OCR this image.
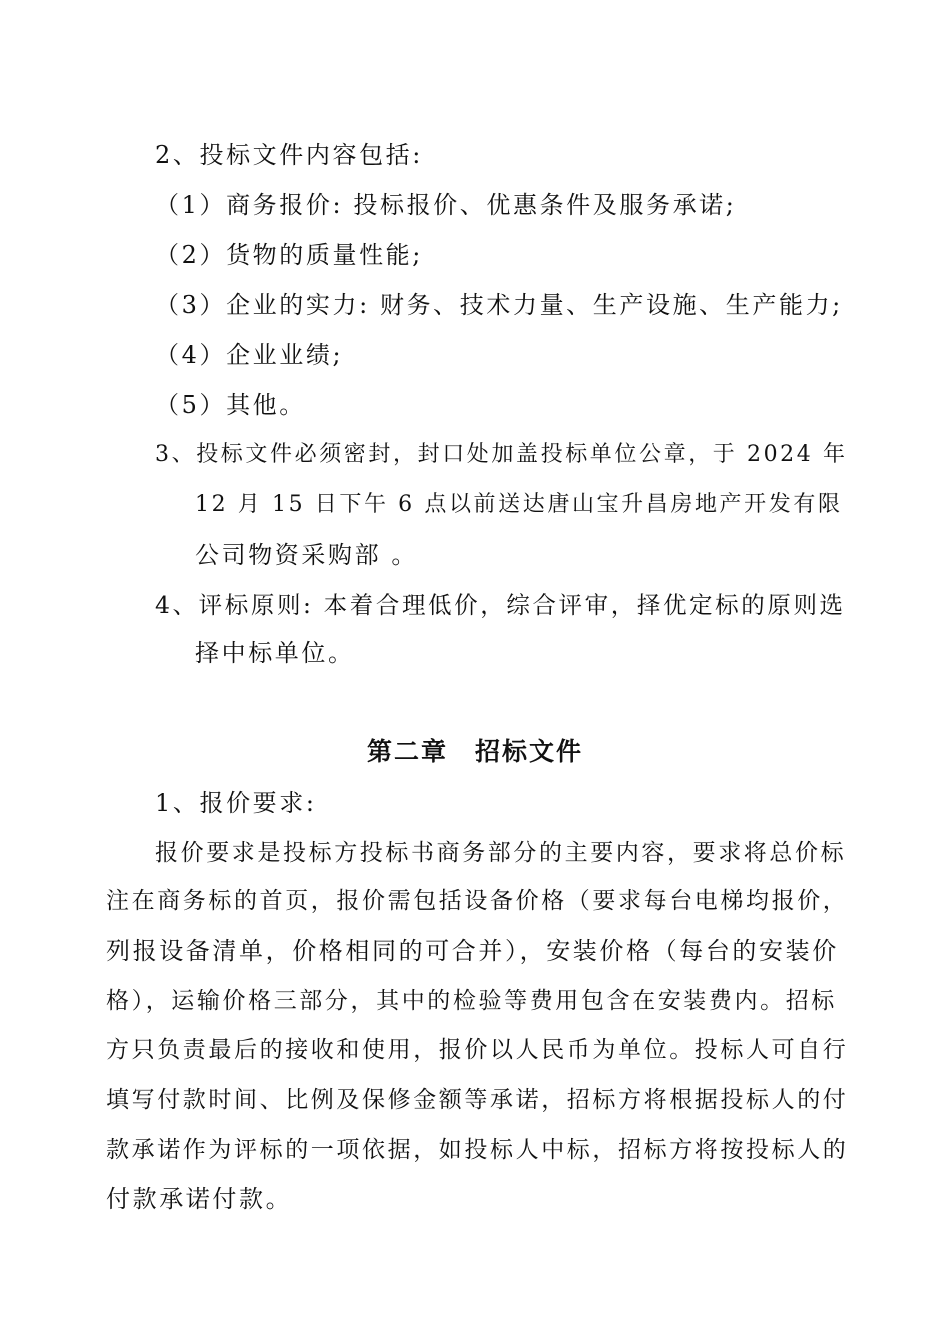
2、投标文件内容包括:
（1）商务报价: 投标报价、优惠条件及服务承诺;
（2）货物的质量性能;
（3）企业的实力: 财务、技术力量、生产设施、生产能力;
（4）企业业绩;
（5）其他。
3、投标文件必须密封，封口处加盖投标单位公章，于 2024 年
12 月 15 日下午 6 点以前送达唐山宝升昌房地产开发有限
公司物资采购部 。
4、评标原则: 本着合理低价，综合评审，择优定标的原则选
择中标单位。
第二章　招标文件
1、报价要求:
报价要求是投标方投标书商务部分的主要内容，要求将总价标
注在商务标的首页，报价需包括设备价格（要求每台电梯均报价，
列报设备清单，价格相同的可合并），安装价格（每台的安装价
格），运输价格三部分，其中的检验等费用包含在安装费内。招标
方只负责最后的接收和使用，报价以人民币为单位。投标人可自行
填写付款时间、比例及保修金额等承诺，招标方将根据投标人的付
款承诺作为评标的一项依据，如投标人中标，招标方将按投标人的
付款承诺付款。
